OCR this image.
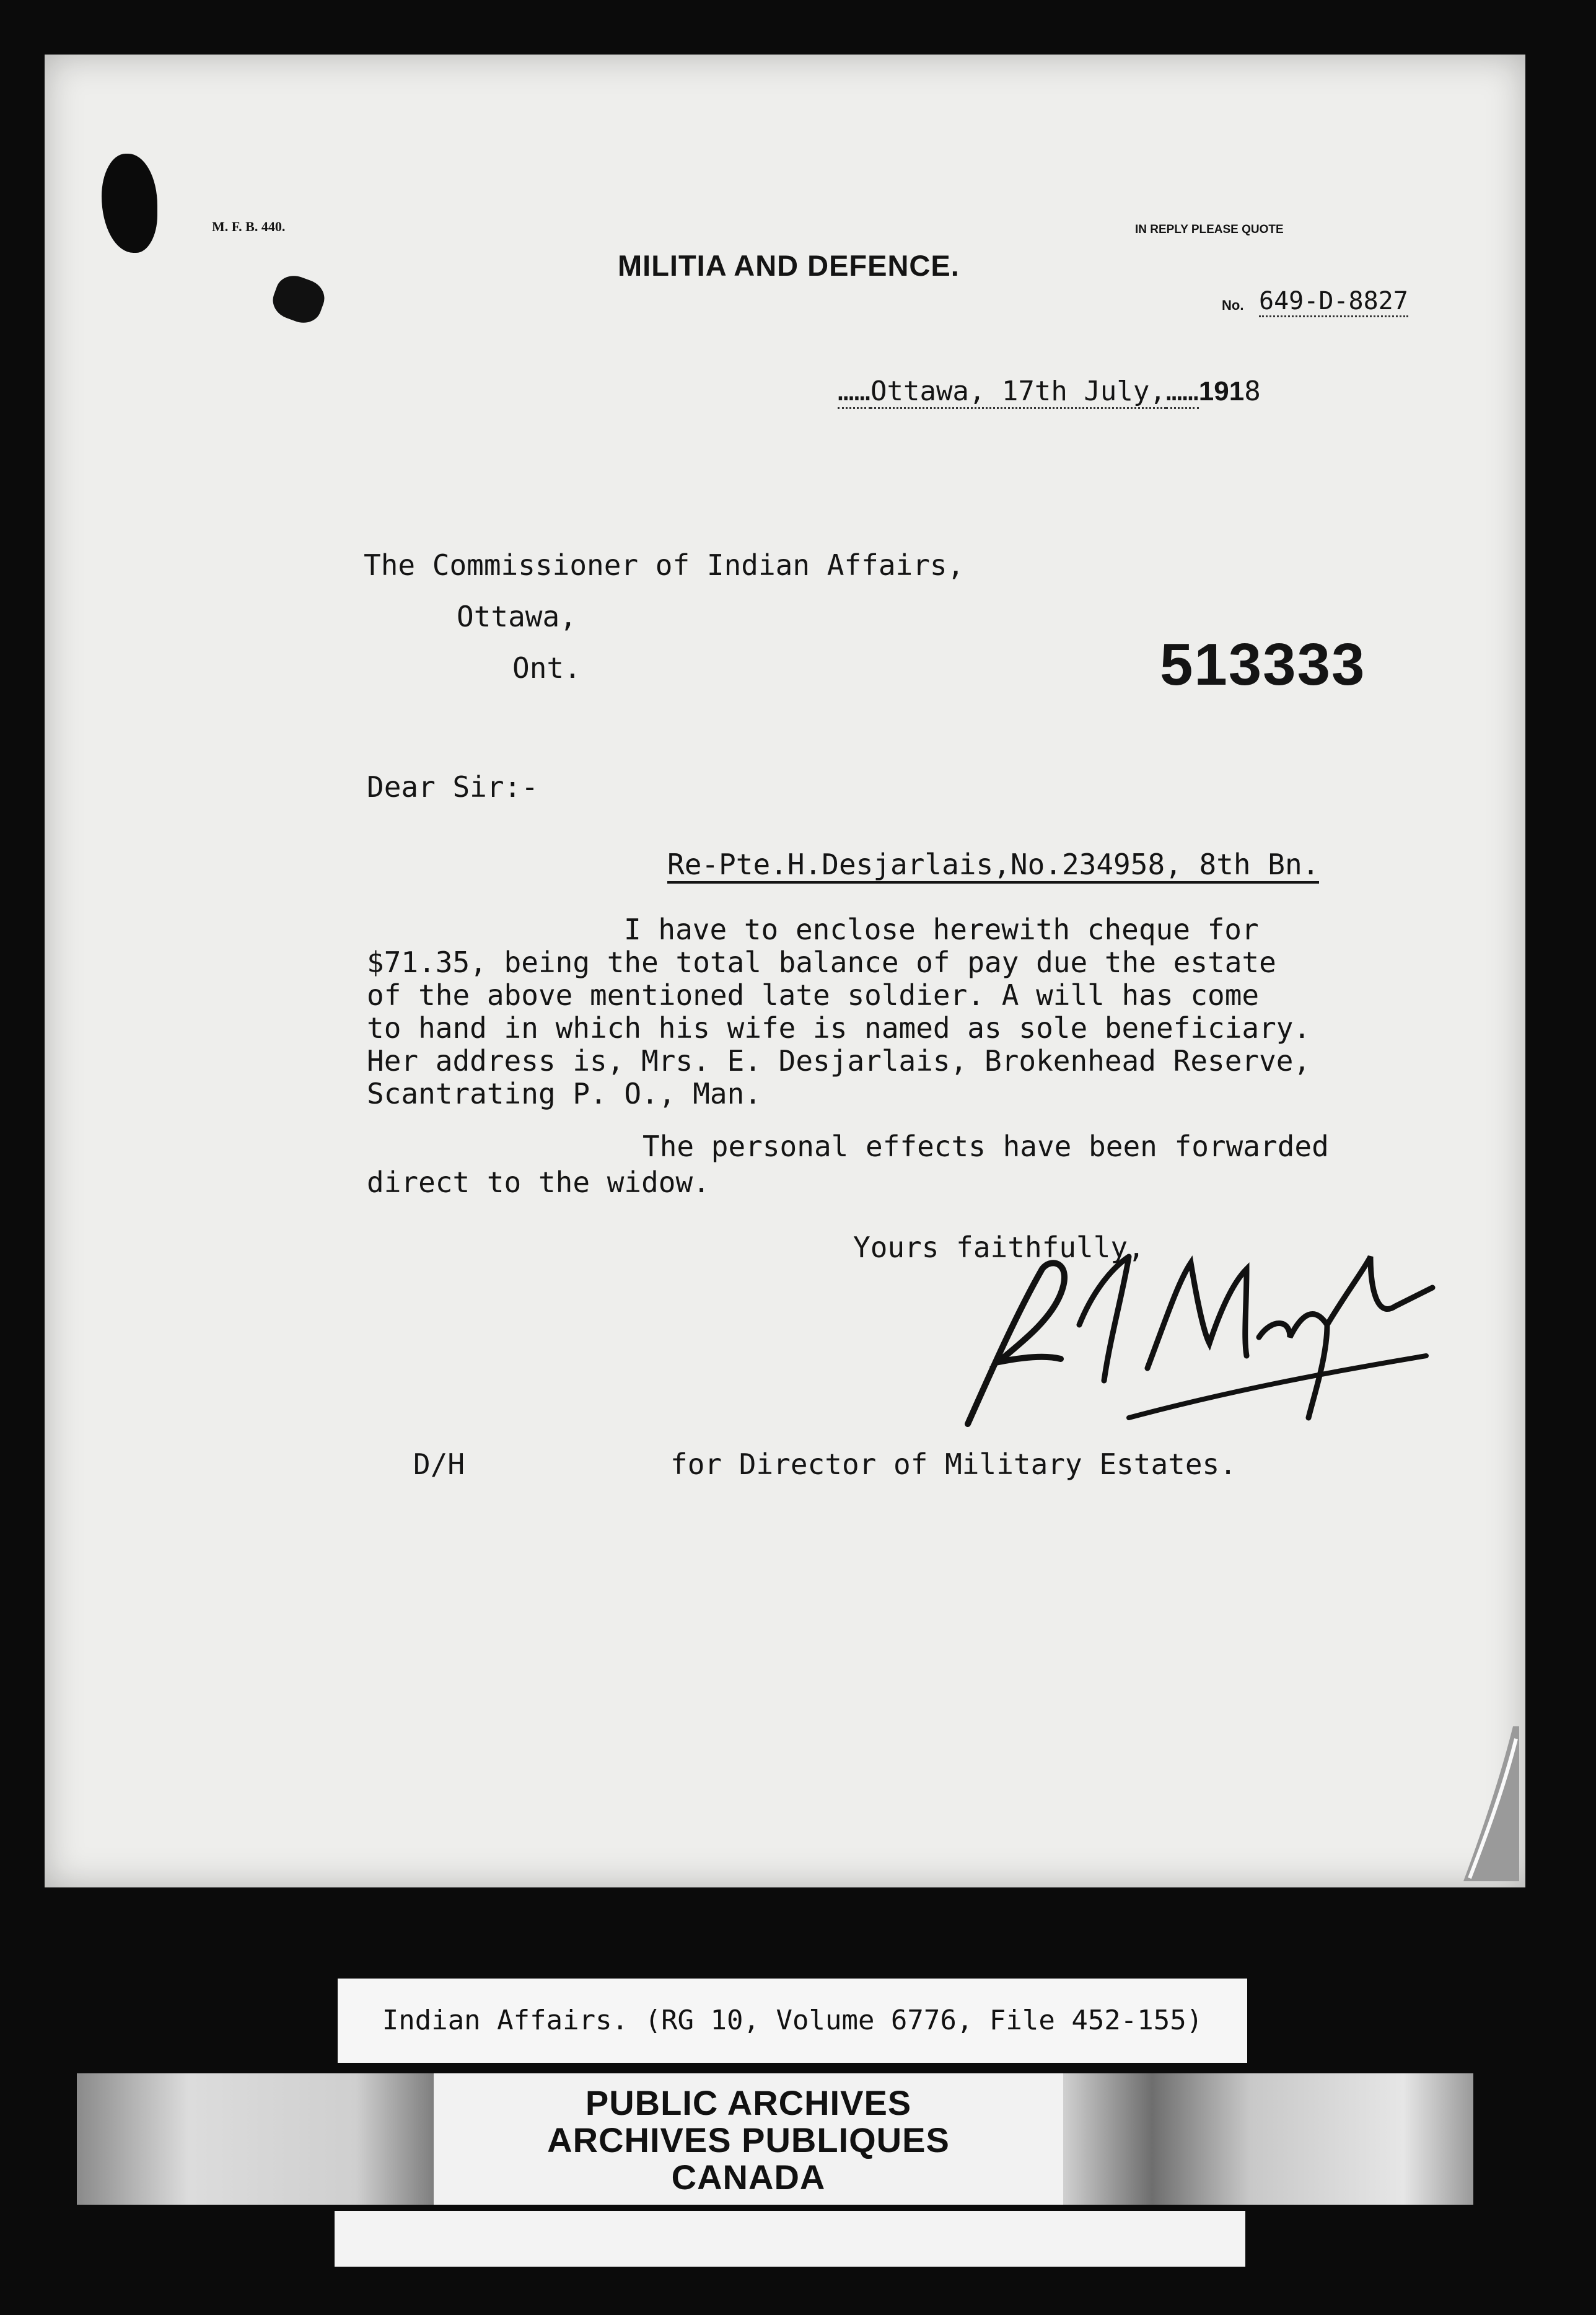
M. F. B. 440.
MILITIA AND DEFENCE.
IN REPLY PLEASE QUOTE
No. 649-D-8827
……Ottawa, 17th July,……1918
The Commissioner of Indian Affairs,
Ottawa,
Ont.	513333
Dear Sir:-
Re-Pte.H.Desjarlais,No.234958, 8th Bn.
I have to enclose herewith cheque for
$71.35, being the total balance of pay due the estate
of the above mentioned late soldier. A will has come
to hand in which his wife is named as sole beneficiary.
Her address is, Mrs. E. Desjarlais, Brokenhead Reserve,
Scantrating P. O., Man.
The personal effects have been forwarded
direct to the widow.
Yours faithfully,
D/H	for Director of Military Estates.
Indian Affairs. (RG 10, Volume 6776, File 452-155)
PUBLIC ARCHIVES
ARCHIVES PUBLIQUES
CANADA
